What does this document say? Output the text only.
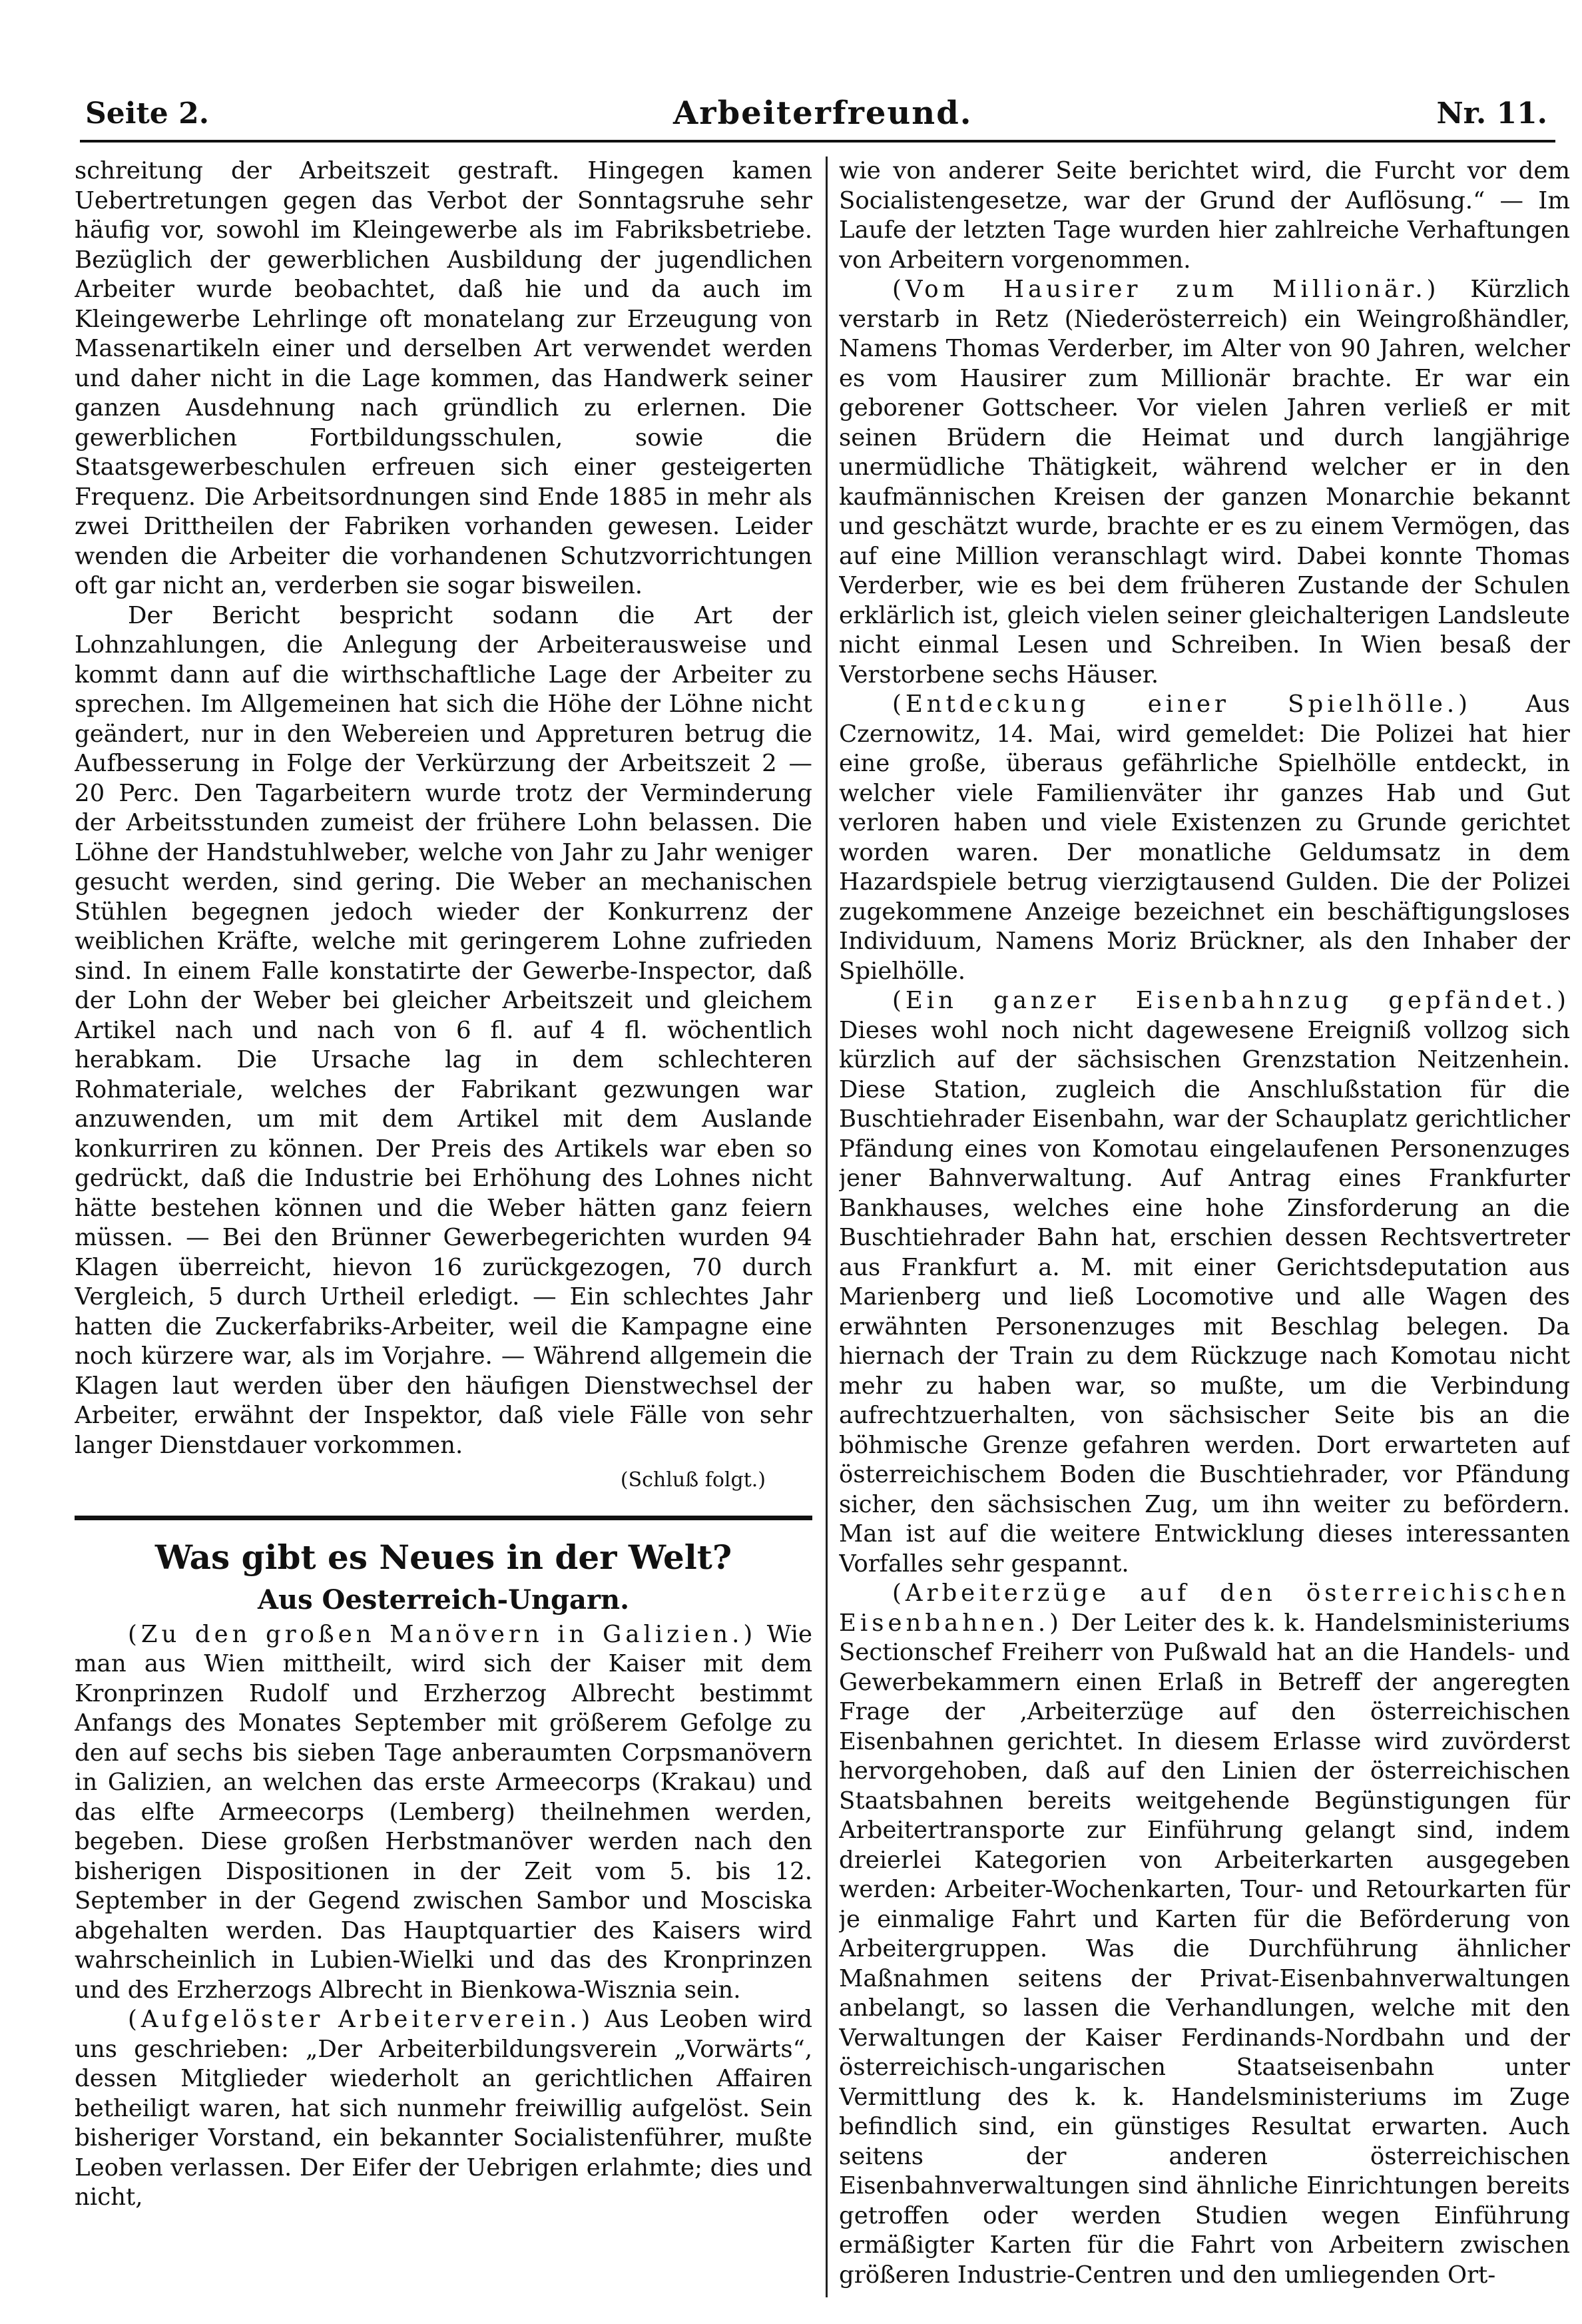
Seite 2.	Arbeiterfreund.	Nr. 11.

schreitung der Arbeitszeit gestraft. Hingegen kamen Uebertretungen gegen das Verbot der Sonntagsruhe sehr häufig vor, sowohl im Kleingewerbe als im Fabriksbetriebe. Bezüglich der gewerblichen Ausbildung der jugendlichen Arbeiter wurde beobachtet, daß hie und da auch im Kleingewerbe Lehrlinge oft monatelang zur Erzeugung von Massenartikeln einer und derselben Art verwendet werden und daher nicht in die Lage kommen, das Handwerk seiner ganzen Ausdehnung nach gründlich zu erlernen. Die gewerblichen Fortbildungsschulen, sowie die Staatsgewerbeschulen erfreuen sich einer gesteigerten Frequenz. Die Arbeitsordnungen sind Ende 1885 in mehr als zwei Drittheilen der Fabriken vorhanden gewesen. Leider wenden die Arbeiter die vorhandenen Schutzvorrichtungen oft gar nicht an, verderben sie sogar bisweilen.

Der Bericht bespricht sodann die Art der Lohnzahlungen, die Anlegung der Arbeiterausweise und kommt dann auf die wirthschaftliche Lage der Arbeiter zu sprechen. Im Allgemeinen hat sich die Höhe der Löhne nicht geändert, nur in den Webereien und Appreturen betrug die Aufbesserung in Folge der Verkürzung der Arbeitszeit 2 — 20 Perc. Den Tagarbeitern wurde trotz der Verminderung der Arbeitsstunden zumeist der frühere Lohn belassen. Die Löhne der Handstuhlweber, welche von Jahr zu Jahr weniger gesucht werden, sind gering. Die Weber an mechanischen Stühlen begegnen jedoch wieder der Konkurrenz der weiblichen Kräfte, welche mit geringerem Lohne zufrieden sind. In einem Falle konstatirte der Gewerbe-Inspector, daß der Lohn der Weber bei gleicher Arbeitszeit und gleichem Artikel nach und nach von 6 fl. auf 4 fl. wöchentlich herabkam. Die Ursache lag in dem schlechteren Rohmateriale, welches der Fabrikant gezwungen war anzuwenden, um mit dem Artikel mit dem Auslande konkurriren zu können. Der Preis des Artikels war eben so gedrückt, daß die Industrie bei Erhöhung des Lohnes nicht hätte bestehen können und die Weber hätten ganz feiern müssen. — Bei den Brünner Gewerbegerichten wurden 94 Klagen überreicht, hievon 16 zurückgezogen, 70 durch Vergleich, 5 durch Urtheil erledigt. — Ein schlechtes Jahr hatten die Zuckerfabriks-Arbeiter, weil die Kampagne eine noch kürzere war, als im Vorjahre. — Während allgemein die Klagen laut werden über den häufigen Dienstwechsel der Arbeiter, erwähnt der Inspektor, daß viele Fälle von sehr langer Dienstdauer vorkommen.

(Schluß folgt.)
Was gibt es Neues in der Welt?
Aus Oesterreich-Ungarn.

(Zu den großen Manövern in Galizien.) Wie man aus Wien mittheilt, wird sich der Kaiser mit dem Kronprinzen Rudolf und Erzherzog Albrecht bestimmt Anfangs des Monates September mit größerem Gefolge zu den auf sechs bis sieben Tage anberaumten Corpsmanövern in Galizien, an welchen das erste Armeecorps (Krakau) und das elfte Armeecorps (Lemberg) theilnehmen werden, begeben. Diese großen Herbstmanöver werden nach den bisherigen Dispositionen in der Zeit vom 5. bis 12. September in der Gegend zwischen Sambor und Mosciska abgehalten werden. Das Hauptquartier des Kaisers wird wahrscheinlich in Lubien-Wielki und das des Kronprinzen und des Erzherzogs Albrecht in Bienkowa-Wisznia sein.

(Aufgelöster Arbeiterverein.) Aus Leoben wird uns geschrieben: „Der Arbeiterbildungsverein „Vorwärts“, dessen Mitglieder wiederholt an gerichtlichen Affairen betheiligt waren, hat sich nunmehr freiwillig aufgelöst. Sein bisheriger Vorstand, ein bekannter Socialistenführer, mußte Leoben verlassen. Der Eifer der Uebrigen erlahmte; dies und nicht,

wie von anderer Seite berichtet wird, die Furcht vor dem Socialistengesetze, war der Grund der Auflösung.“ — Im Laufe der letzten Tage wurden hier zahlreiche Verhaftungen von Arbeitern vorgenommen.

(Vom Hausirer zum Millionär.) Kürzlich verstarb in Retz (Niederösterreich) ein Weingroßhändler, Namens Thomas Verderber, im Alter von 90 Jahren, welcher es vom Hausirer zum Millionär brachte. Er war ein geborener Gottscheer. Vor vielen Jahren verließ er mit seinen Brüdern die Heimat und durch langjährige unermüdliche Thätigkeit, während welcher er in den kaufmännischen Kreisen der ganzen Monarchie bekannt und geschätzt wurde, brachte er es zu einem Vermögen, das auf eine Million veranschlagt wird. Dabei konnte Thomas Verderber, wie es bei dem früheren Zustande der Schulen erklärlich ist, gleich vielen seiner gleichalterigen Landsleute nicht einmal Lesen und Schreiben. In Wien besaß der Verstorbene sechs Häuser.

(Entdeckung einer Spielhölle.) Aus Czernowitz, 14. Mai, wird gemeldet: Die Polizei hat hier eine große, überaus gefährliche Spielhölle entdeckt, in welcher viele Familienväter ihr ganzes Hab und Gut verloren haben und viele Existenzen zu Grunde gerichtet worden waren. Der monatliche Geldumsatz in dem Hazardspiele betrug vierzigtausend Gulden. Die der Polizei zugekommene Anzeige bezeichnet ein beschäftigungsloses Individuum, Namens Moriz Brückner, als den Inhaber der Spielhölle.

(Ein ganzer Eisenbahnzug gepfändet.) Dieses wohl noch nicht dagewesene Ereigniß vollzog sich kürzlich auf der sächsischen Grenzstation Neitzenhein. Diese Station, zugleich die Anschlußstation für die Buschtiehrader Eisenbahn, war der Schauplatz gerichtlicher Pfändung eines von Komotau eingelaufenen Personenzuges jener Bahnverwaltung. Auf Antrag eines Frankfurter Bankhauses, welches eine hohe Zinsforderung an die Buschtiehrader Bahn hat, erschien dessen Rechtsvertreter aus Frankfurt a. M. mit einer Gerichtsdeputation aus Marienberg und ließ Locomotive und alle Wagen des erwähnten Personenzuges mit Beschlag belegen. Da hiernach der Train zu dem Rückzuge nach Komotau nicht mehr zu haben war, so mußte, um die Verbindung aufrechtzuerhalten, von sächsischer Seite bis an die böhmische Grenze gefahren werden. Dort erwarteten auf österreichischem Boden die Buschtiehrader, vor Pfändung sicher, den sächsischen Zug, um ihn weiter zu befördern. Man ist auf die weitere Entwicklung dieses interessanten Vorfalles sehr gespannt.

(Arbeiterzüge auf den österreichischen Eisenbahnen.) Der Leiter des k. k. Handelsministeriums Sectionschef Freiherr von Pußwald hat an die Handels- und Gewerbekammern einen Erlaß in Betreff der angeregten Frage der ‚Arbeiterzüge auf den österreichischen Eisenbahnen gerichtet. In diesem Erlasse wird zuvörderst hervorgehoben, daß auf den Linien der österreichischen Staatsbahnen bereits weitgehende Begünstigungen für Arbeitertransporte zur Einführung gelangt sind, indem dreierlei Kategorien von Arbeiterkarten ausgegeben werden: Arbeiter-Wochenkarten, Tour- und Retourkarten für je einmalige Fahrt und Karten für die Beförderung von Arbeitergruppen. Was die Durchführung ähnlicher Maßnahmen seitens der Privat-Eisenbahnverwaltungen anbelangt, so lassen die Verhandlungen, welche mit den Verwaltungen der Kaiser Ferdinands-Nordbahn und der österreichisch-ungarischen Staatseisenbahn unter Vermittlung des k. k. Handelsministeriums im Zuge befindlich sind, ein günstiges Resultat erwarten. Auch seitens der anderen österreichischen Eisenbahnverwaltungen sind ähnliche Einrichtungen bereits getroffen oder werden Studien wegen Einführung ermäßigter Karten für die Fahrt von Arbeitern zwischen größeren Industrie-Centren und den umliegenden Ort-
